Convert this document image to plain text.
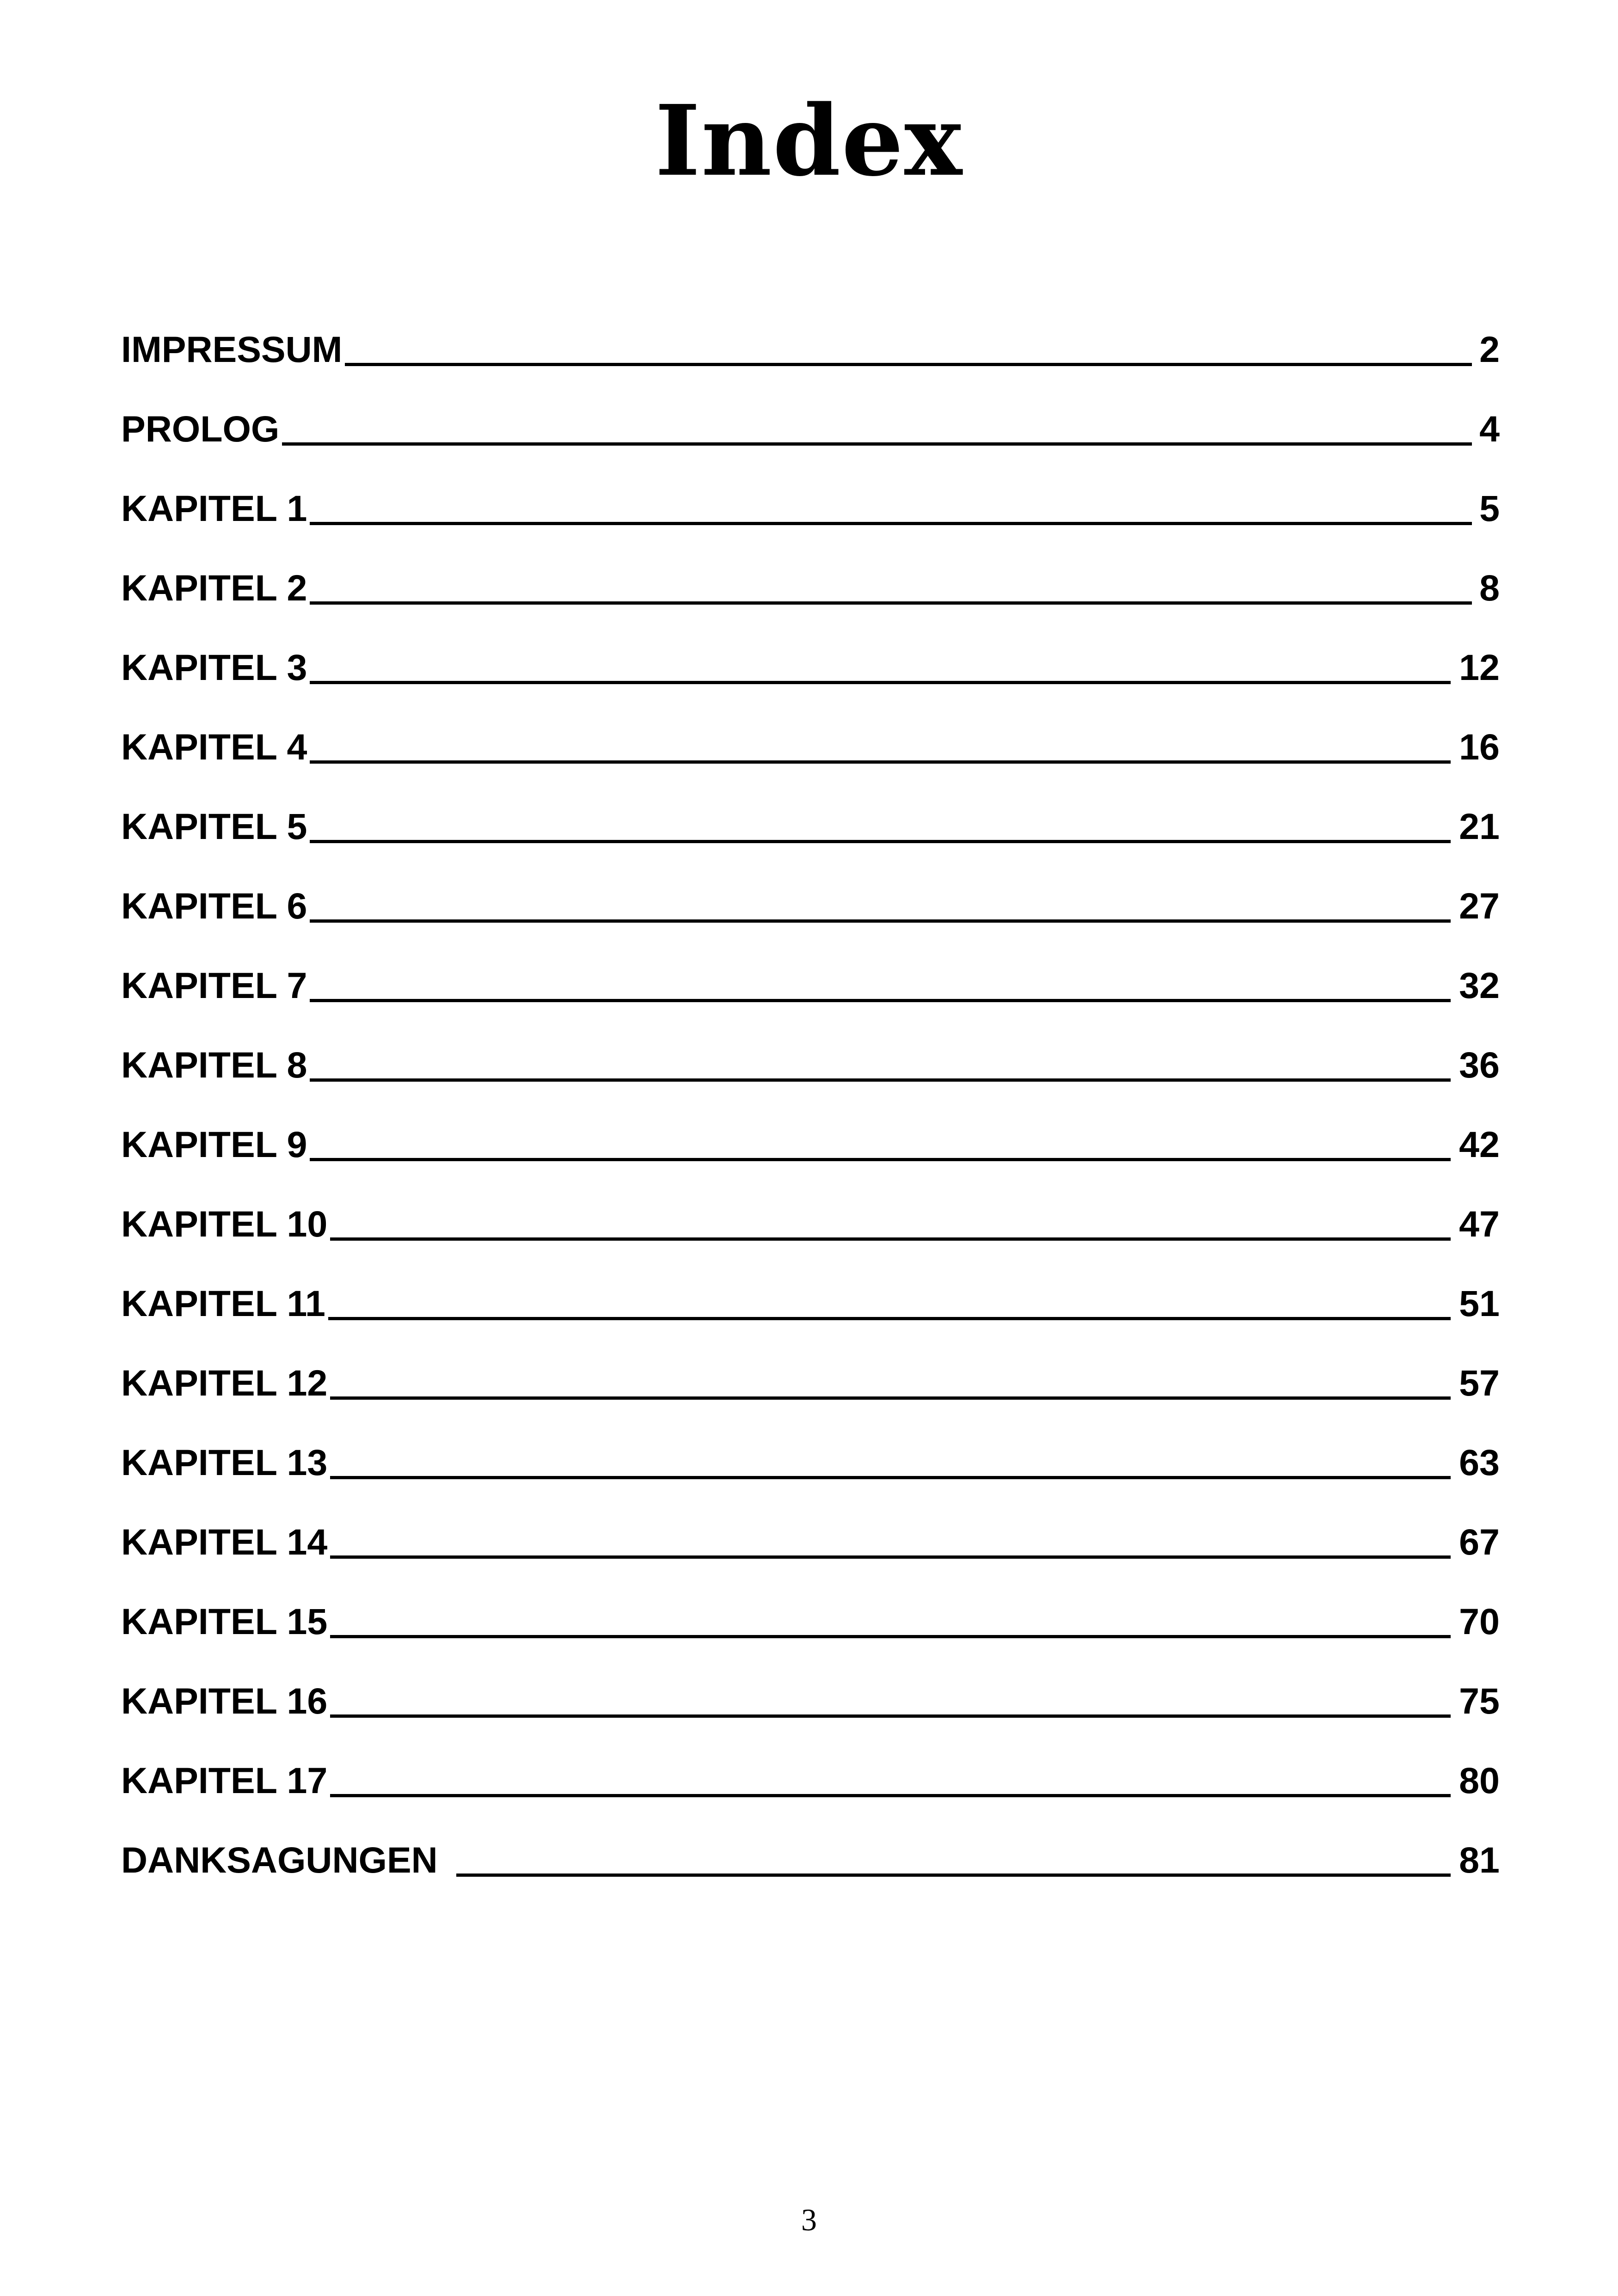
Index
IMPRESSUM	2
PROLOG	4
KAPITEL 1	5
KAPITEL 2	8
KAPITEL 3	12
KAPITEL 4	16
KAPITEL 5	21
KAPITEL 6	27
KAPITEL 7	32
KAPITEL 8	36
KAPITEL 9	42
KAPITEL 10	47
KAPITEL 11	51
KAPITEL 12	57
KAPITEL 13	63
KAPITEL 14	67
KAPITEL 15	70
KAPITEL 16	75
KAPITEL 17	80
DANKSAGUNGEN	81
3
